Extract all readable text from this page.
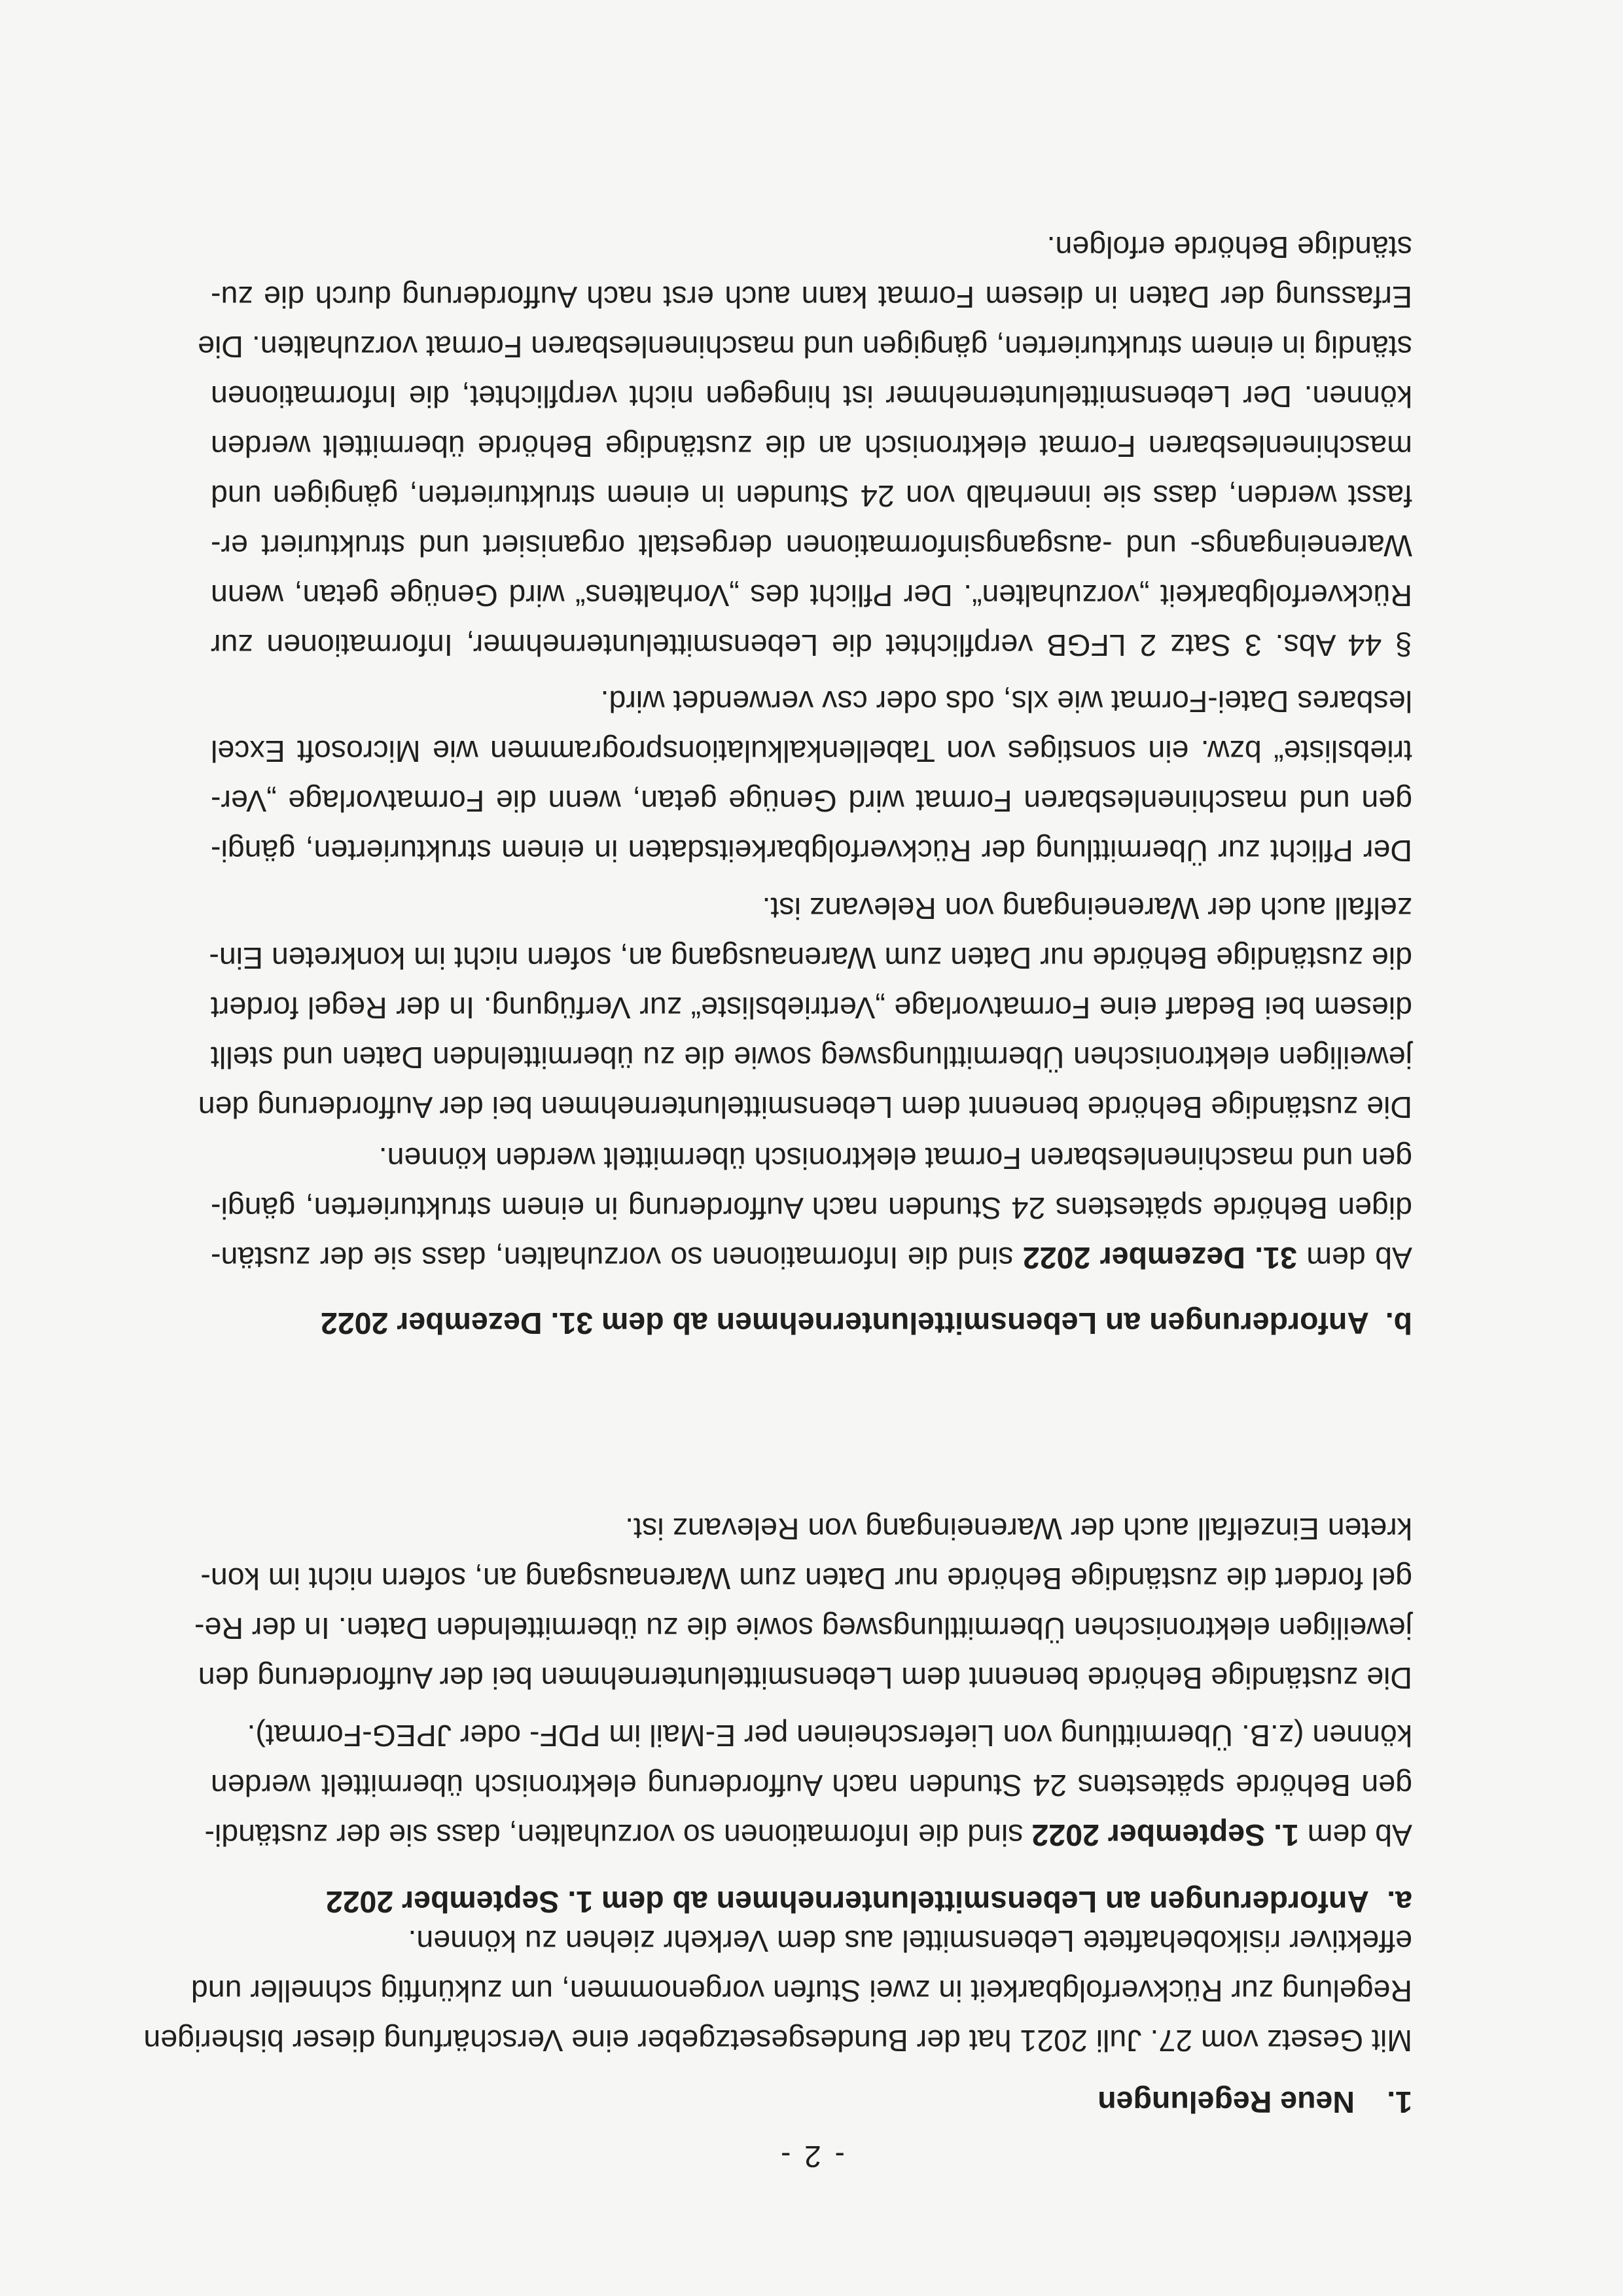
- 2 -
1.Neue Regelungen
Mit Gesetz vom 27. Juli 2021 hat der Bundesgesetzgeber eine Verschärfung dieser bisherigen
Regelung zur Rückverfolgbarkeit in zwei Stufen vorgenommen, um zukünftig schneller und
effektiver risikobehaftete Lebensmittel aus dem Verkehr ziehen zu können.
a.Anforderungen an Lebensmittelunternehmen ab dem 1. September 2022
Ab dem 1. September 2022 sind die Informationen so vorzuhalten, dass sie der zuständi-
gen Behörde spätestens 24 Stunden nach Aufforderung elektronisch übermittelt werden
können (z.B. Übermittlung von Lieferscheinen per E-Mail im PDF- oder JPEG-Format).
Die zuständige Behörde benennt dem Lebensmittelunternehmen bei der Aufforderung den
jeweiligen elektronischen Übermittlungsweg sowie die zu übermittelnden Daten. In der Re-
gel fordert die zuständige Behörde nur Daten zum Warenausgang an, sofern nicht im kon-
kreten Einzelfall auch der Wareneingang von Relevanz ist.
b.Anforderungen an Lebensmittelunternehmen ab dem 31. Dezember 2022
Ab dem 31. Dezember 2022 sind die Informationen so vorzuhalten, dass sie der zustän-
digen Behörde spätestens 24 Stunden nach Aufforderung in einem strukturierten, gängi-
gen und maschinenlesbaren Format elektronisch übermittelt werden können.
Die zuständige Behörde benennt dem Lebensmittelunternehmen bei der Aufforderung den
jeweiligen elektronischen Übermittlungsweg sowie die zu übermittelnden Daten und stellt
diesem bei Bedarf eine Formatvorlage „Vertriebsliste“ zur Verfügung. In der Regel fordert
die zuständige Behörde nur Daten zum Warenausgang an, sofern nicht im konkreten Ein-
zelfall auch der Wareneingang von Relevanz ist.
Der Pflicht zur Übermittlung der Rückverfolgbarkeitsdaten in einem strukturierten, gängi-
gen und maschinenlesbaren Format wird Genüge getan, wenn die Formatvorlage „Ver-
triebsliste“ bzw. ein sonstiges von Tabellenkalkulationsprogrammen wie Microsoft Excel
lesbares Datei-Format wie xls, ods oder csv verwendet wird.
§ 44 Abs. 3 Satz 2 LFGB verpflichtet die Lebensmittelunternehmer, Informationen zur
Rückverfolgbarkeit „vorzuhalten“. Der Pflicht des „Vorhaltens“ wird Genüge getan, wenn
Wareneingangs- und -ausgangsinformationen dergestalt organisiert und strukturiert er-
fasst werden, dass sie innerhalb von 24 Stunden in einem strukturierten, gängigen und
maschinenlesbaren Format elektronisch an die zuständige Behörde übermittelt werden
können. Der Lebensmittelunternehmer ist hingegen nicht verpflichtet, die Informationen
ständig in einem strukturierten, gängigen und maschinenlesbaren Format vorzuhalten. Die
Erfassung der Daten in diesem Format kann auch erst nach Aufforderung durch die zu-
ständige Behörde erfolgen.
